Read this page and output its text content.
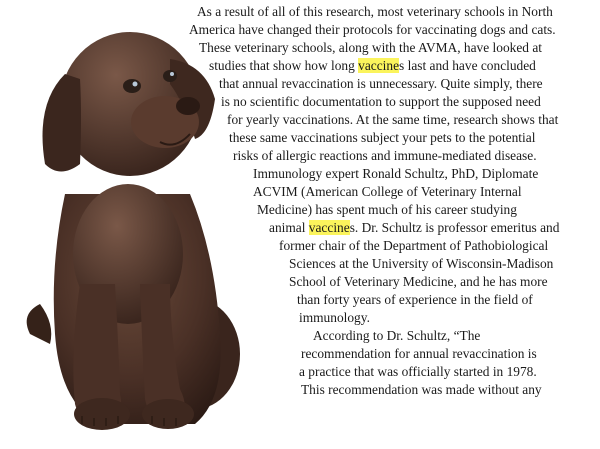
As a result of all of this research, most veterinary schools in North
America have changed their protocols for vaccinating dogs and cats.
These veterinary schools, along with the AVMA, have looked at
studies that show how long vaccines last and have concluded
that annual revaccination is unnecessary. Quite simply, there
is no scientific documentation to support the supposed need
for yearly vaccinations. At the same time, research shows that
these same vaccinations subject your pets to the potential
risks of allergic reactions and immune-mediated disease.
Immunology expert Ronald Schultz, PhD, Diplomate
ACVIM (American College of Veterinary Internal
Medicine) has spent much of his career studying
animal vaccines. Dr. Schultz is professor emeritus and
former chair of the Department of Pathobiological
Sciences at the University of Wisconsin-Madison
School of Veterinary Medicine, and he has more
than forty years of experience in the field of
immunology.
According to Dr. Schultz, “The
recommendation for annual revaccination is
a practice that was officially started in 1978.
This recommendation was made without any
